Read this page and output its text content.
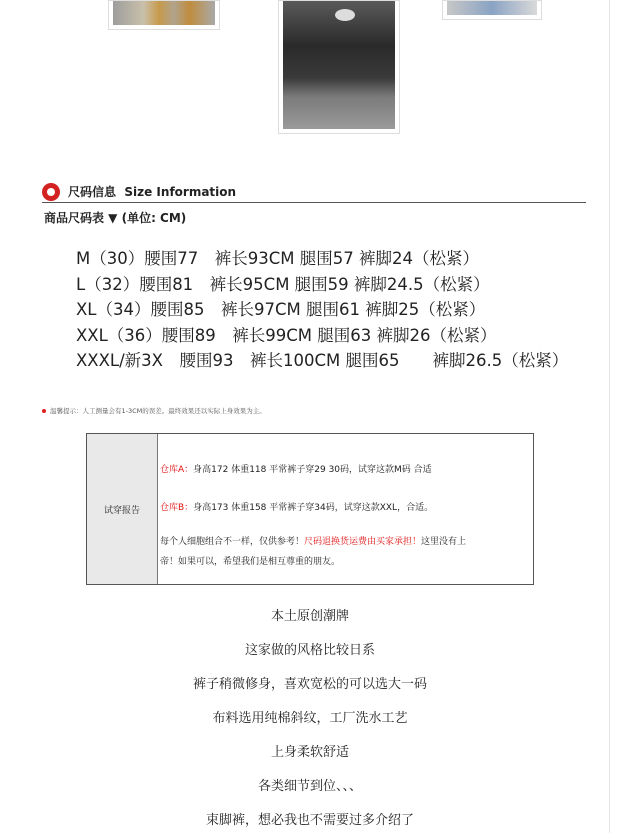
尺码信息 Size Information
商品尺码表 ▼ (单位: CM)
M（30）腰围77　裤长93CM 腿围57 裤脚24（松紧）
L（32）腰围81　裤长95CM 腿围59 裤脚24.5（松紧）
XL（34）腰围85　裤长97CM 腿围61 裤脚25（松紧）
XXL（36）腰围89　裤长99CM 腿围63 裤脚26（松紧）
XXXL/新3X　腰围93　裤长100CM 腿围65　　裤脚26.5（松紧）
温馨提示：人工测量会有1-3CM的误差。最终效果还以实际上身效果为主。
试穿报告
仓库A：身高172 体重118 平常裤子穿29 30码，试穿这款M码 合适
仓库B：身高173 体重158 平常裤子穿34码，试穿这款XXL，合适。
每个人细胞组合不一样，仅供参考！尺码退换货运费由买家承担！这里没有上
帝！如果可以，希望我们是相互尊重的朋友。
本土原创潮牌
这家做的风格比较日系
裤子稍微修身，喜欢宽松的可以选大一码
布料选用纯棉斜纹，工厂洗水工艺
上身柔软舒适
各类细节到位、、、
束脚裤，想必我也不需要过多介绍了
